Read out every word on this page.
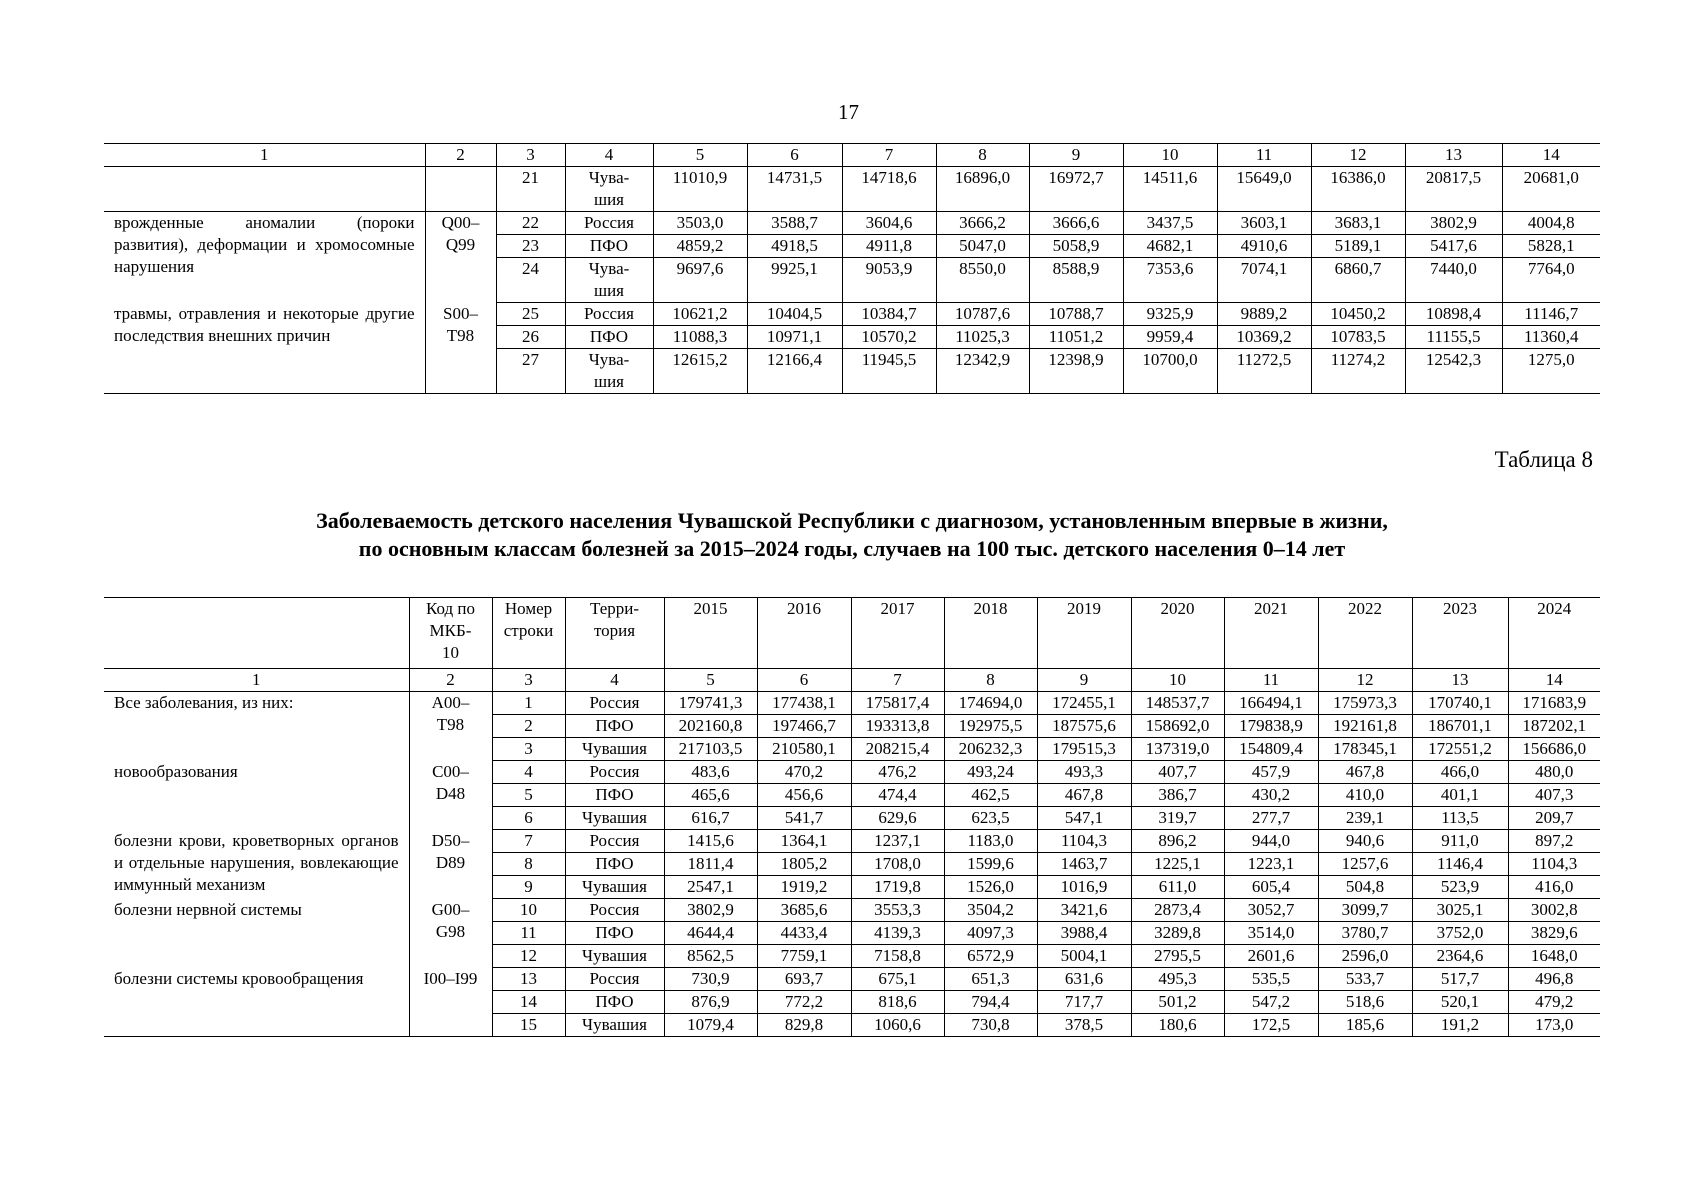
17
1	2	3	4	5	6	7	8	9	10	11	12	13	14
		21	Чува-
шия	11010,9	14731,5	14718,6	16896,0	16972,7	14511,6	15649,0	16386,0	20817,5	20681,0
врожденные аномалии (пороки развития), деформации и хромосомные нарушения	Q00–
Q99	22	Россия	3503,0	3588,7	3604,6	3666,2	3666,6	3437,5	3603,1	3683,1	3802,9	4004,8
		23	ПФО	4859,2	4918,5	4911,8	5047,0	5058,9	4682,1	4910,6	5189,1	5417,6	5828,1
		24	Чува-
шия	9697,6	9925,1	9053,9	8550,0	8588,9	7353,6	7074,1	6860,7	7440,0	7764,0
травмы, отравления и некоторые другие последствия внешних причин	S00–
T98	25	Россия	10621,2	10404,5	10384,7	10787,6	10788,7	9325,9	9889,2	10450,2	10898,4	11146,7
		26	ПФО	11088,3	10971,1	10570,2	11025,3	11051,2	9959,4	10369,2	10783,5	11155,5	11360,4
		27	Чува-
шия	12615,2	12166,4	11945,5	12342,9	12398,9	10700,0	11272,5	11274,2	12542,3	1275,0
Таблица 8
Заболеваемость детского населения Чувашской Республики с диагнозом, установленным впервые в жизни,
по основным классам болезней за 2015–2024 годы, случаев на 100 тыс. детского населения 0–14 лет
	Код по
МКБ-
10	Номер
строки	Терри-
тория	2015	2016	2017	2018	2019	2020	2021	2022	2023	2024
1	2	3	4	5	6	7	8	9	10	11	12	13	14
Все заболевания, из них:	A00–
T98	1	Россия	179741,3	177438,1	175817,4	174694,0	172455,1	148537,7	166494,1	175973,3	170740,1	171683,9
		2	ПФО	202160,8	197466,7	193313,8	192975,5	187575,6	158692,0	179838,9	192161,8	186701,1	187202,1
		3	Чувашия	217103,5	210580,1	208215,4	206232,3	179515,3	137319,0	154809,4	178345,1	172551,2	156686,0
новообразования	C00–
D48	4	Россия	483,6	470,2	476,2	493,24	493,3	407,7	457,9	467,8	466,0	480,0
		5	ПФО	465,6	456,6	474,4	462,5	467,8	386,7	430,2	410,0	401,1	407,3
		6	Чувашия	616,7	541,7	629,6	623,5	547,1	319,7	277,7	239,1	113,5	209,7
болезни крови, кроветворных органов и отдельные нарушения, вовлекающие иммунный механизм	D50–
D89	7	Россия	1415,6	1364,1	1237,1	1183,0	1104,3	896,2	944,0	940,6	911,0	897,2
		8	ПФО	1811,4	1805,2	1708,0	1599,6	1463,7	1225,1	1223,1	1257,6	1146,4	1104,3
		9	Чувашия	2547,1	1919,2	1719,8	1526,0	1016,9	611,0	605,4	504,8	523,9	416,0
болезни нервной системы	G00–
G98	10	Россия	3802,9	3685,6	3553,3	3504,2	3421,6	2873,4	3052,7	3099,7	3025,1	3002,8
		11	ПФО	4644,4	4433,4	4139,3	4097,3	3988,4	3289,8	3514,0	3780,7	3752,0	3829,6
		12	Чувашия	8562,5	7759,1	7158,8	6572,9	5004,1	2795,5	2601,6	2596,0	2364,6	1648,0
болезни системы кровообращения	I00–I99	13	Россия	730,9	693,7	675,1	651,3	631,6	495,3	535,5	533,7	517,7	496,8
		14	ПФО	876,9	772,2	818,6	794,4	717,7	501,2	547,2	518,6	520,1	479,2
		15	Чувашия	1079,4	829,8	1060,6	730,8	378,5	180,6	172,5	185,6	191,2	173,0
